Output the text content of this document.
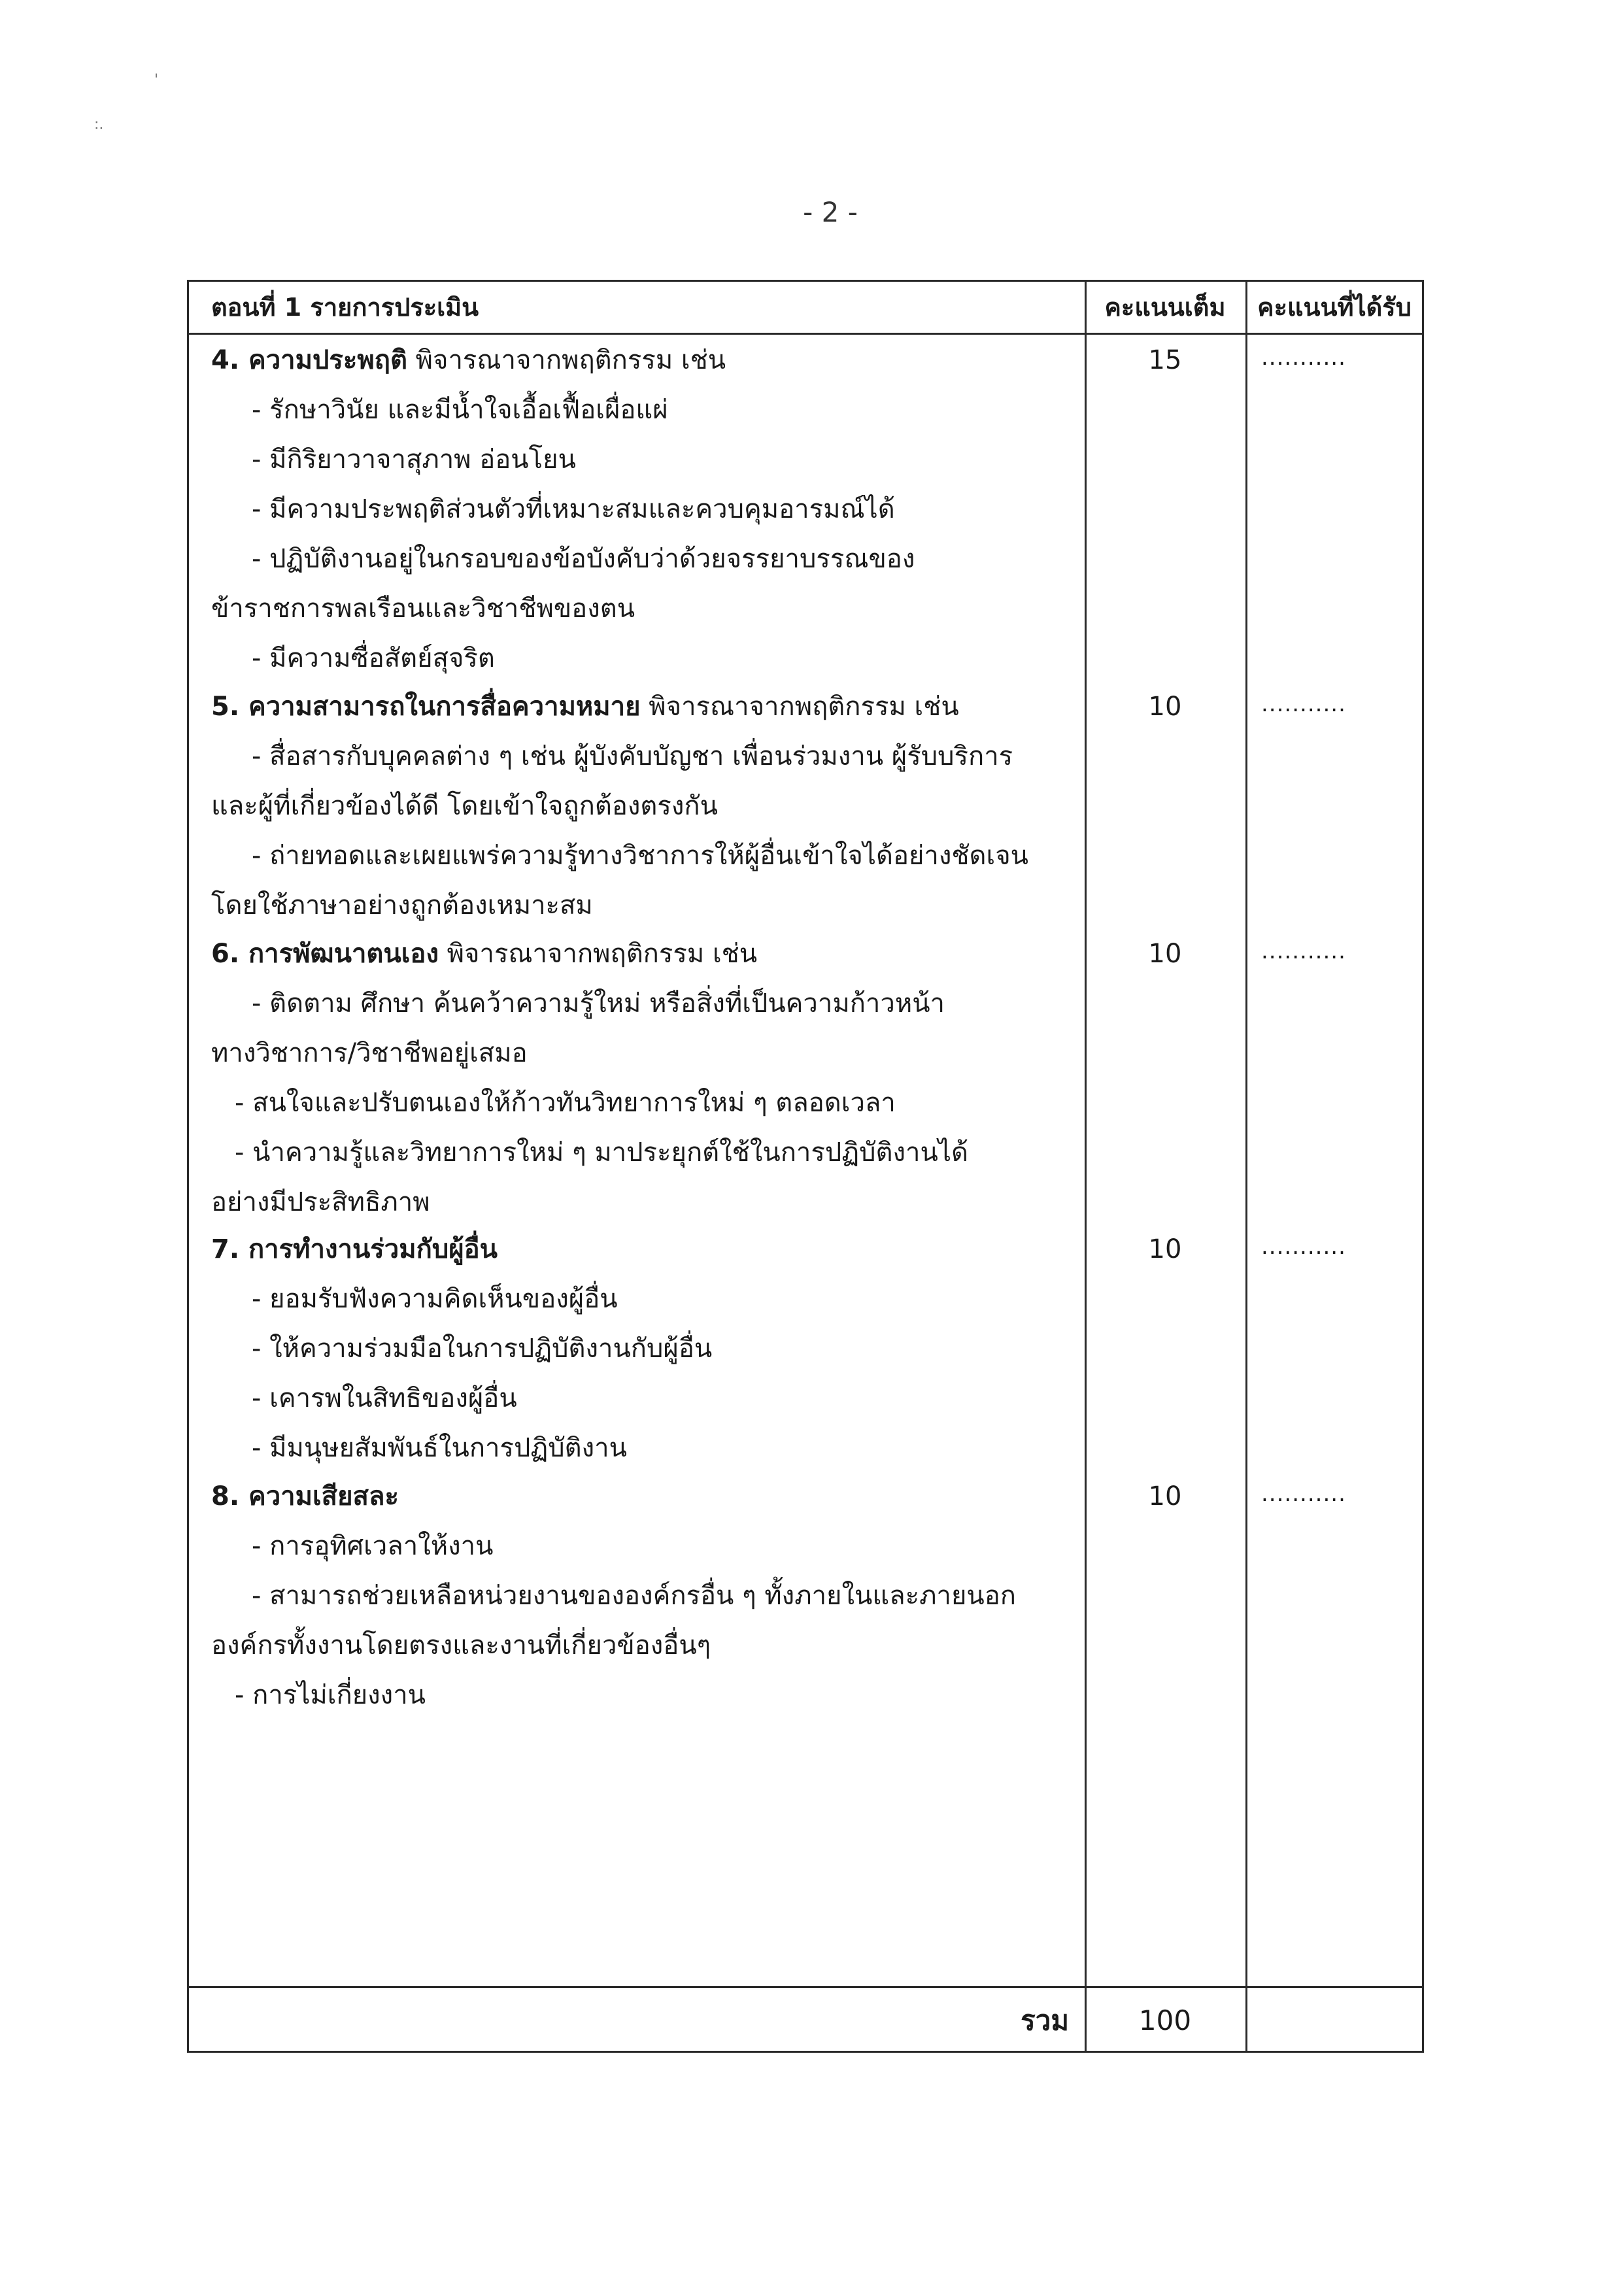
'
:.
- 2 -
ตอนที่ 1 รายการประเมิน	คะแนนเต็ม	คะแนนที่ได้รับ
4. ความประพฤติ พิจารณาจากพฤติกรรม เช่น	15	...........
- รักษาวินัย และมีน้ำใจเอื้อเฟื้อเผื่อแผ่
- มีกิริยาวาจาสุภาพ อ่อนโยน
- มีความประพฤติส่วนตัวที่เหมาะสมและควบคุมอารมณ์ได้
- ปฏิบัติงานอยู่ในกรอบของข้อบังคับว่าด้วยจรรยาบรรณของ
ข้าราชการพลเรือนและวิชาชีพของตน
- มีความซื่อสัตย์สุจริต
5. ความสามารถในการสื่อความหมาย พิจารณาจากพฤติกรรม เช่น	10	...........
- สื่อสารกับบุคคลต่าง ๆ เช่น ผู้บังคับบัญชา เพื่อนร่วมงาน ผู้รับบริการ
และผู้ที่เกี่ยวข้องได้ดี โดยเข้าใจถูกต้องตรงกัน
- ถ่ายทอดและเผยแพร่ความรู้ทางวิชาการให้ผู้อื่นเข้าใจได้อย่างชัดเจน
โดยใช้ภาษาอย่างถูกต้องเหมาะสม
6. การพัฒนาตนเอง พิจารณาจากพฤติกรรม เช่น	10	...........
- ติดตาม ศึกษา ค้นคว้าความรู้ใหม่ หรือสิ่งที่เป็นความก้าวหน้า
ทางวิชาการ/วิชาชีพอยู่เสมอ
- สนใจและปรับตนเองให้ก้าวทันวิทยาการใหม่ ๆ ตลอดเวลา
- นำความรู้และวิทยาการใหม่ ๆ มาประยุกต์ใช้ในการปฏิบัติงานได้
อย่างมีประสิทธิภาพ
7. การทำงานร่วมกับผู้อื่น	10	...........
- ยอมรับฟังความคิดเห็นของผู้อื่น
- ให้ความร่วมมือในการปฏิบัติงานกับผู้อื่น
- เคารพในสิทธิของผู้อื่น
- มีมนุษยสัมพันธ์ในการปฏิบัติงาน
8. ความเสียสละ	10	...........
- การอุทิศเวลาให้งาน
- สามารถช่วยเหลือหน่วยงานขององค์กรอื่น ๆ ทั้งภายในและภายนอก
องค์กรทั้งงานโดยตรงและงานที่เกี่ยวข้องอื่นๆ
- การไม่เกี่ยงงาน
รวม	100
